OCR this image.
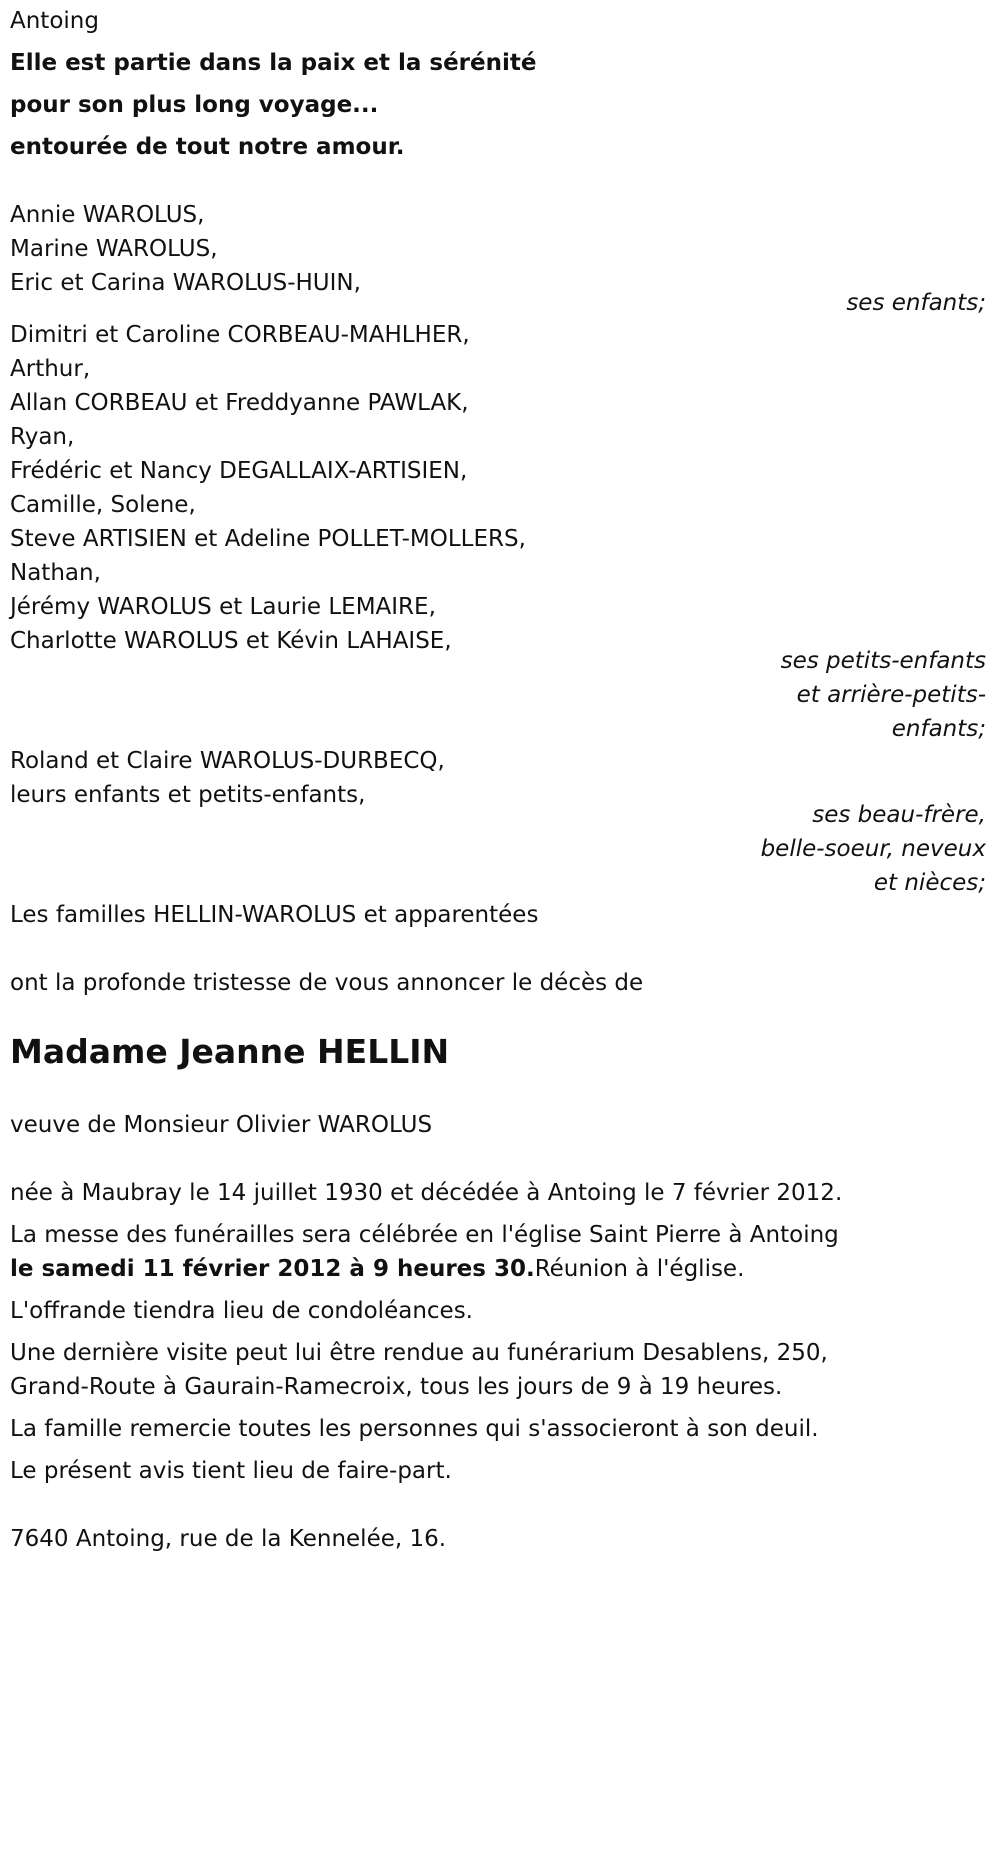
Antoing
Elle est partie dans la paix et la sérénité
pour son plus long voyage...
entourée de tout notre amour.
Annie WAROLUS,
Marine WAROLUS,
Eric et Carina WAROLUS-HUIN,
ses enfants;
Dimitri et Caroline CORBEAU-MAHLHER,
Arthur,
Allan CORBEAU et Freddyanne PAWLAK,
Ryan,
Frédéric et Nancy DEGALLAIX-ARTISIEN,
Camille, Solene,
Steve ARTISIEN et Adeline POLLET-MOLLERS,
Nathan,
Jérémy WAROLUS et Laurie LEMAIRE,
Charlotte WAROLUS et Kévin LAHAISE,
ses petits-enfants
et arrière-petits-
enfants;
Roland et Claire WAROLUS-DURBECQ,
leurs enfants et petits-enfants,
ses beau-frère,
belle-soeur, neveux
et nièces;
Les familles HELLIN-WAROLUS et apparentées
ont la profonde tristesse de vous annoncer le décès de
Madame Jeanne HELLIN
veuve de Monsieur Olivier WAROLUS
née à Maubray le 14 juillet 1930 et décédée à Antoing le 7 février 2012.
La messe des funérailles sera célébrée en l'église Saint Pierre à Antoing
le samedi 11 février 2012 à 9 heures 30.Réunion à l'église.
L'offrande tiendra lieu de condoléances.
Une dernière visite peut lui être rendue au funérarium Desablens, 250,
Grand-Route à Gaurain-Ramecroix, tous les jours de 9 à 19 heures.
La famille remercie toutes les personnes qui s'associeront à son deuil.
Le présent avis tient lieu de faire-part.
7640 Antoing, rue de la Kennelée, 16.
